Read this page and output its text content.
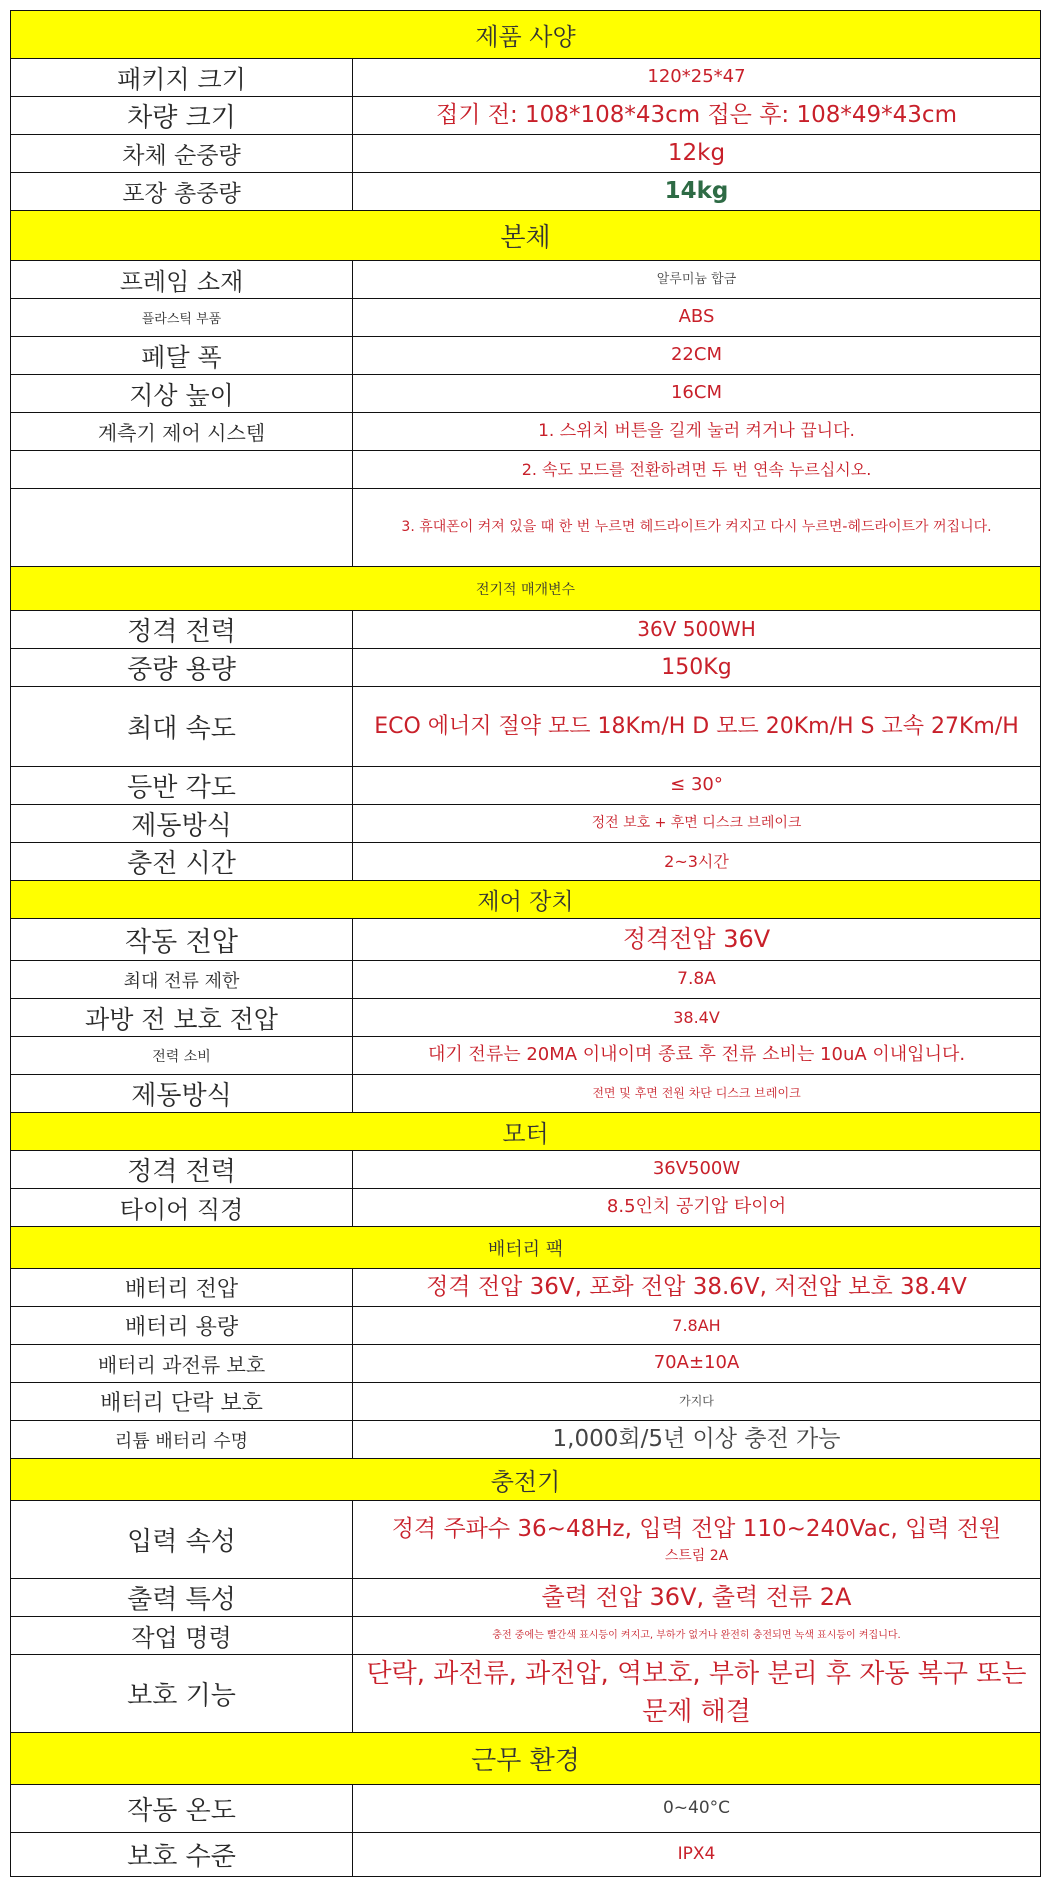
제품 사양	
패키지 크기	120*25*47
차량 크기	접기 전: 108*108*43cm 접은 후: 108*49*43cm
차체 순중량	12kg
포장 총중량	14kg
본체	
프레임 소재	알루미늄 합금
플라스틱 부품	ABS
페달 폭	22CM
지상 높이	16CM
계측기 제어 시스템	1. 스위치 버튼을 길게 눌러 켜거나 끕니다.
	2. 속도 모드를 전환하려면 두 번 연속 누르십시오.
	3. 휴대폰이 켜져 있을 때 한 번 누르면 헤드라이트가 켜지고 다시 누르면-헤드라이트가 꺼집니다.
전기적 매개변수	
정격 전력	36V 500WH
중량 용량	150Kg
최대 속도	ECO 에너지 절약 모드 18Km/H D 모드 20Km/H S 고속 27Km/H
등반 각도	≤ 30°
제동방식	정전 보호 + 후면 디스크 브레이크
충전 시간	2~3시간
제어 장치	
작동 전압	정격전압 36V
최대 전류 제한	7.8A
과방 전 보호 전압	38.4V
전력 소비	대기 전류는 20MA 이내이며 종료 후 전류 소비는 10uA 이내입니다.
제동방식	전면 및 후면 전원 차단 디스크 브레이크
모터	
정격 전력	36V500W
타이어 직경	8.5인치 공기압 타이어
배터리 팩	
배터리 전압	정격 전압 36V, 포화 전압 38.6V, 저전압 보호 38.4V
배터리 용량	7.8AH
배터리 과전류 보호	70A±10A
배터리 단락 보호	가지다
리튬 배터리 수명	1,000회/5년 이상 충전 가능
충전기	
입력 속성	정격 주파수 36~48Hz, 입력 전압 110~240Vac, 입력 전원
스트림 2A

출력 특성	출력 전압 36V, 출력 전류 2A
작업 명령	충전 중에는 빨간색 표시등이 켜지고, 부하가 없거나 완전히 충전되면 녹색 표시등이 켜집니다.
보호 기능	단락, 과전류, 과전압, 역보호, 부하 분리 후 자동 복구 또는 문제 해결
근무 환경	
작동 온도	0~40°C
보호 수준	IPX4
